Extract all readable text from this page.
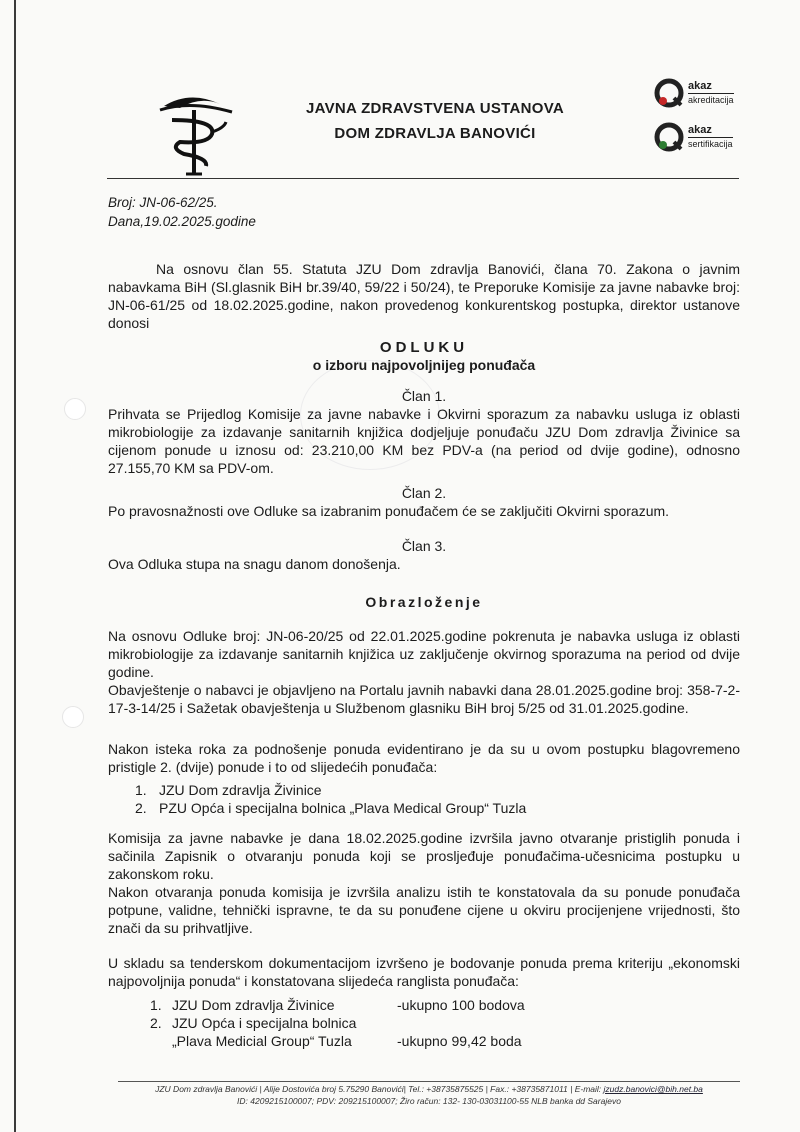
JAVNA ZDRAVSTVENA USTANOVA
DOM ZDRAVLJA BANOVIĆI
akaz
akreditacija
akaz
sertifikacija
Broj: JN-06-62/25.
Dana,19.02.2025.godine
Na osnovu član 55. Statuta JZU Dom zdravlja Banovići, člana 70. Zakona o javnim nabavkama BiH (Sl.glasnik BiH br.39/40, 59/22 i 50/24), te Preporuke Komisije za javne nabavke broj: JN-06-61/25 od 18.02.2025.godine, nakon provedenog konkurentskog postupka, direktor ustanove donosi
ODLUKU
o izboru najpovoljnijeg ponuđača
Član 1.
Prihvata se Prijedlog Komisije za javne nabavke i Okvirni sporazum za nabavku usluga iz oblasti mikrobiologije za izdavanje sanitarnih knjižica dodjeljuje ponuđaču JZU Dom zdravlja Živinice sa cijenom ponude u iznosu od: 23.210,00 KM bez PDV-a (na period od dvije godine), odnosno 27.155,70 KM sa PDV-om.
Član 2.
Po pravosnažnosti ove Odluke sa izabranim ponuđačem će se zaključiti Okvirni sporazum.
Član 3.
Ova Odluka stupa na snagu danom donošenja.
Obrazloženje
Na osnovu Odluke broj: JN-06-20/25 od 22.01.2025.godine pokrenuta je nabavka usluga iz oblasti mikrobiologije za izdavanje sanitarnih knjižica uz zaključenje okvirnog sporazuma na period od dvije godine.
Obavještenje o nabavci je objavljeno na Portalu javnih nabavki dana 28.01.2025.godine broj: 358-7-2-17-3-14/25 i Sažetak obavještenja u Službenom glasniku BiH broj 5/25 od 31.01.2025.godine.
Nakon isteka roka za podnošenje ponuda evidentirano je da su u ovom postupku blagovremeno pristigle 2. (dvije) ponude i to od slijedećih ponuđača:
1. JZU Dom zdravlja Živinice
2. PZU Opća i specijalna bolnica „Plava Medical Group“ Tuzla
Komisija za javne nabavke je dana 18.02.2025.godine izvršila javno otvaranje pristiglih ponuda i sačinila Zapisnik o otvaranju ponuda koji se prosljeđuje ponuđačima-učesnicima postupku u zakonskom roku.
Nakon otvaranja ponuda komisija je izvršila analizu istih te konstatovala da su ponude ponuđača potpune, validne, tehnički ispravne, te da su ponuđene cijene u okviru procijenjene vrijednosti, što znači da su prihvatljive.
U skladu sa tenderskom dokumentacijom izvršeno je bodovanje ponuda prema kriteriju „ekonomski najpovoljnija ponuda“ i konstatovana slijedeća ranglista ponuđača:
1. JZU Dom zdravlja Živinice	-ukupno 100 bodova
2. JZU Opća i specijalna bolnica
„Plava Medicial Group“ Tuzla	-ukupno 99,42 boda
JZU Dom zdravlja Banovići | Alije Dostovića broj 5.75290 Banovići| Tel.: +38735875525 | Fax.: +38735871011 | E-mail: jzudz.banovici@bih.net.ba
ID: 4209215100007; PDV: 209215100007; Žiro račun: 132- 130-03031100-55 NLB banka dd Sarajevo
